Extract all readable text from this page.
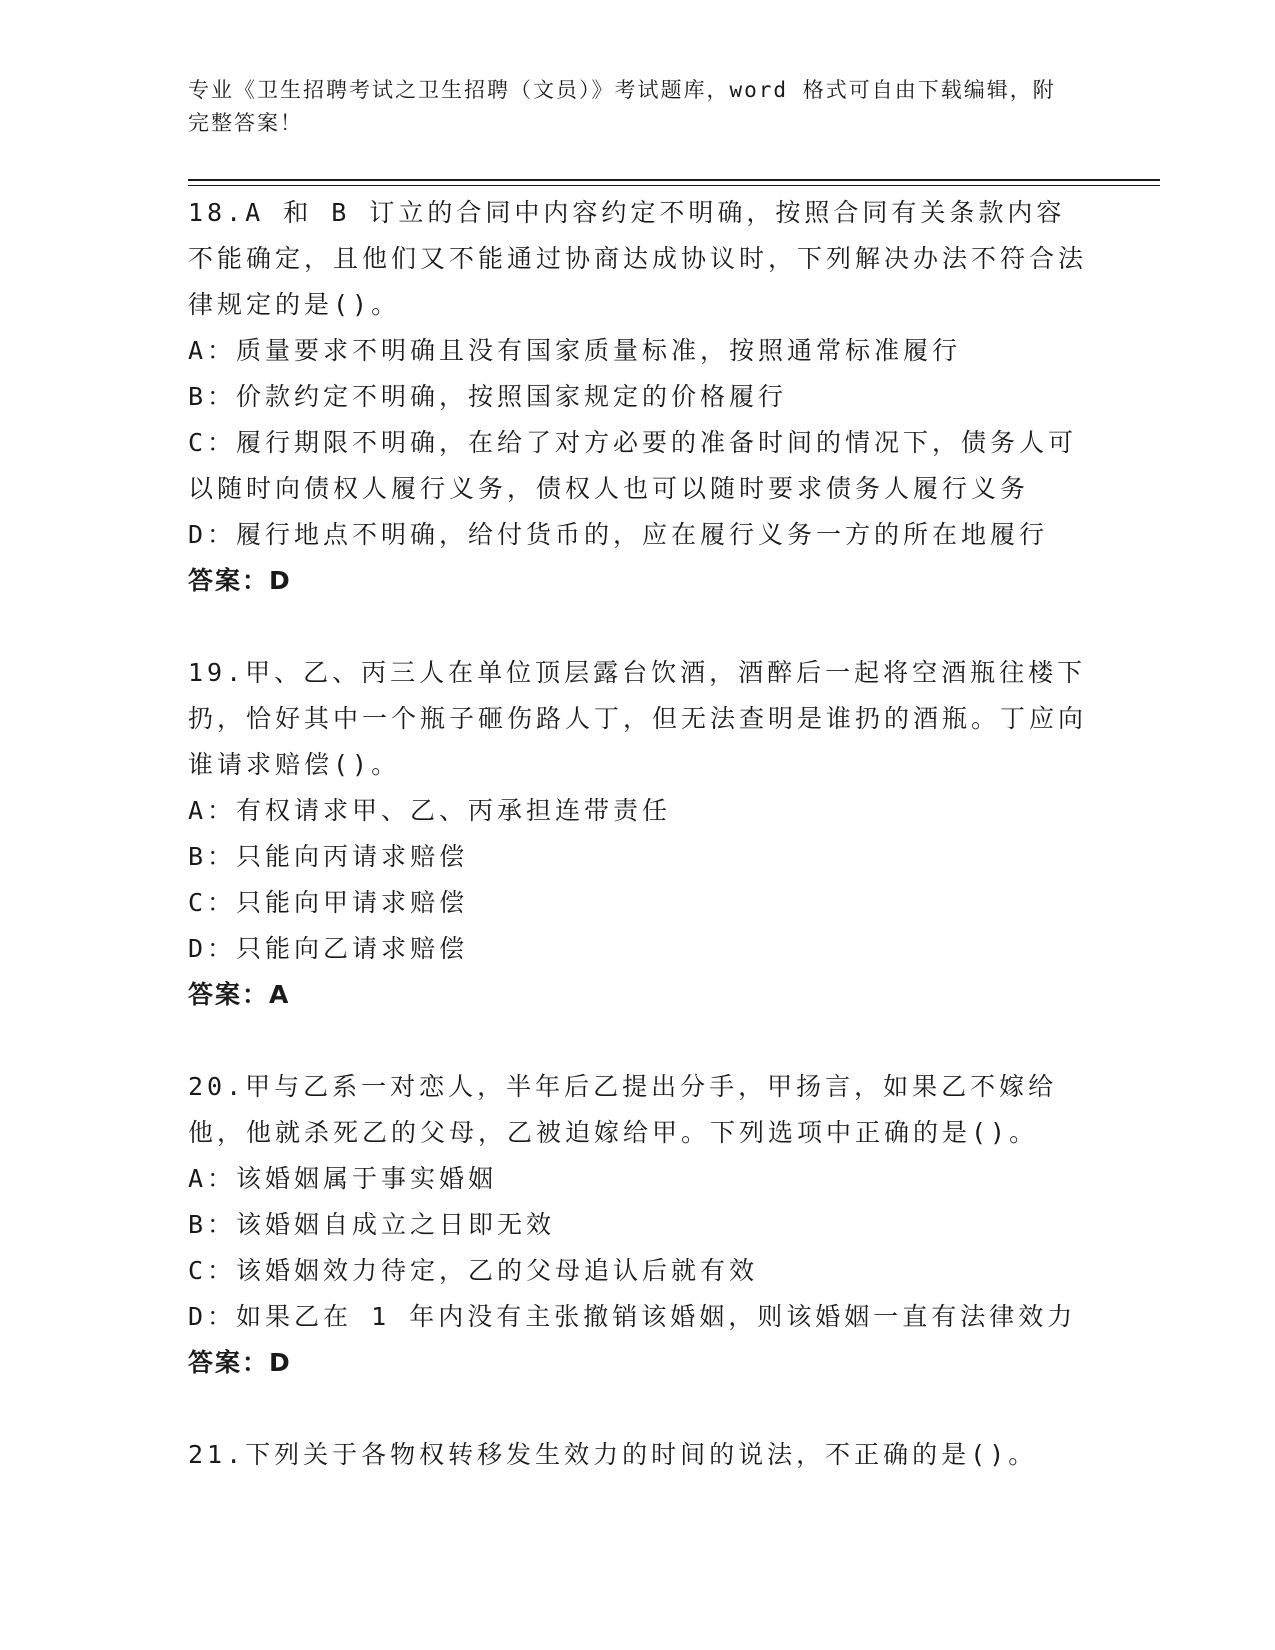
专业《卫生招聘考试之卫生招聘（文员）》考试题库，word 格式可自由下载编辑，附完整答案！

18.A 和 B 订立的合同中内容约定不明确，按照合同有关条款内容不能确定，且他们又不能通过协商达成协议时，下列解决办法不符合法律规定的是()。

A：质量要求不明确且没有国家质量标准，按照通常标准履行

B：价款约定不明确，按照国家规定的价格履行

C：履行期限不明确，在给了对方必要的准备时间的情况下，债务人可以随时向债权人履行义务，债权人也可以随时要求债务人履行义务

D：履行地点不明确，给付货币的，应在履行义务一方的所在地履行

答案：D

19.甲、乙、丙三人在单位顶层露台饮酒，酒醉后一起将空酒瓶往楼下扔，恰好其中一个瓶子砸伤路人丁，但无法查明是谁扔的酒瓶。丁应向谁请求赔偿()。

A：有权请求甲、乙、丙承担连带责任

B：只能向丙请求赔偿

C：只能向甲请求赔偿

D：只能向乙请求赔偿

答案：A

20.甲与乙系一对恋人，半年后乙提出分手，甲扬言，如果乙不嫁给他，他就杀死乙的父母，乙被迫嫁给甲。下列选项中正确的是()。

A：该婚姻属于事实婚姻

B：该婚姻自成立之日即无效

C：该婚姻效力待定，乙的父母追认后就有效

D：如果乙在 1 年内没有主张撤销该婚姻，则该婚姻一直有法律效力

答案：D

21.下列关于各物权转移发生效力的时间的说法，不正确的是()。
